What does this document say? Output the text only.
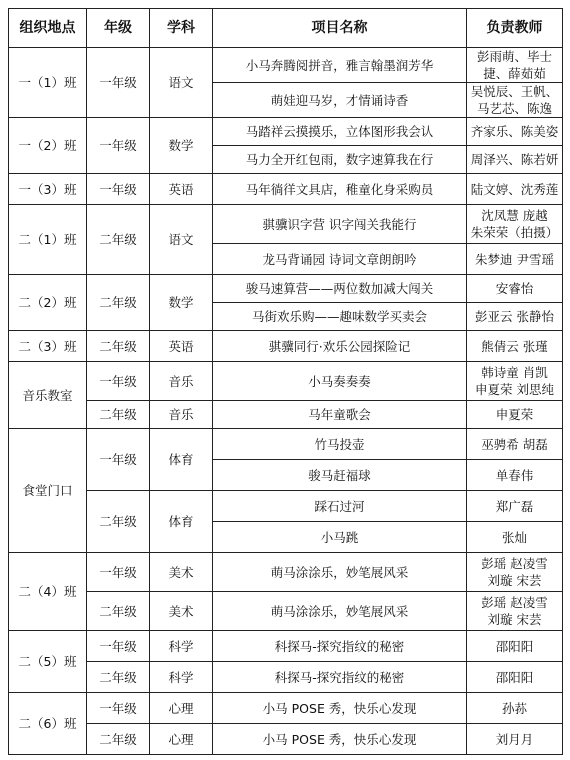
组织地点	年级	学科	项目名称	负责教师
一（1）班	一年级	语文	小马奔腾阅拼音，雅言翰墨润芳华	彭雨萌、毕士
捷、薛茹茹
			萌娃迎马岁，才情诵诗香	吴悦辰、王帆、
马艺芯、陈逸
一（2）班	一年级	数学	马踏祥云摸摸乐，立体图形我会认	齐家乐、陈美姿
			马力全开红包雨，数字速算我在行	周泽兴、陈若妍
一（3）班	一年级	英语	马年徜徉文具店，稚童化身采购员	陆文婷、沈秀莲
二（1）班	二年级	语文	骐骥识字营 识字闯关我能行	沈凤慧 庞越
朱荣荣（拍摄）
			龙马背诵园 诗词文章朗朗吟	朱梦迪 尹雪瑶
二（2）班	二年级	数学	骏马速算营——两位数加减大闯关	安睿怡
			马街欢乐购——趣味数学买卖会	彭亚云 张静怡
二（3）班	二年级	英语	骐骥同行·欢乐公园探险记	熊倩云 张瑾
音乐教室	一年级	音乐	小马奏奏奏	韩诗童 肖凯
申夏荣 刘思纯
	二年级	音乐	马年童歌会	申夏荣
食堂门口	一年级	体育	竹马投壶	巫骋希 胡磊
			骏马赶福球	单春伟
	二年级	体育	踩石过河	郑广磊
			小马跳	张灿
二（4）班	一年级	美术	萌马涂涂乐，妙笔展风采	彭瑶 赵凌雪
刘璇 宋芸
	二年级	美术	萌马涂涂乐，妙笔展风采	彭瑶 赵凌雪
刘璇 宋芸
二（5）班	一年级	科学	科探马-探究指纹的秘密	邵阳阳
	二年级	科学	科探马-探究指纹的秘密	邵阳阳
二（6）班	一年级	心理	小马 POSE 秀，快乐心发现	孙荪
	二年级	心理	小马 POSE 秀，快乐心发现	刘月月
